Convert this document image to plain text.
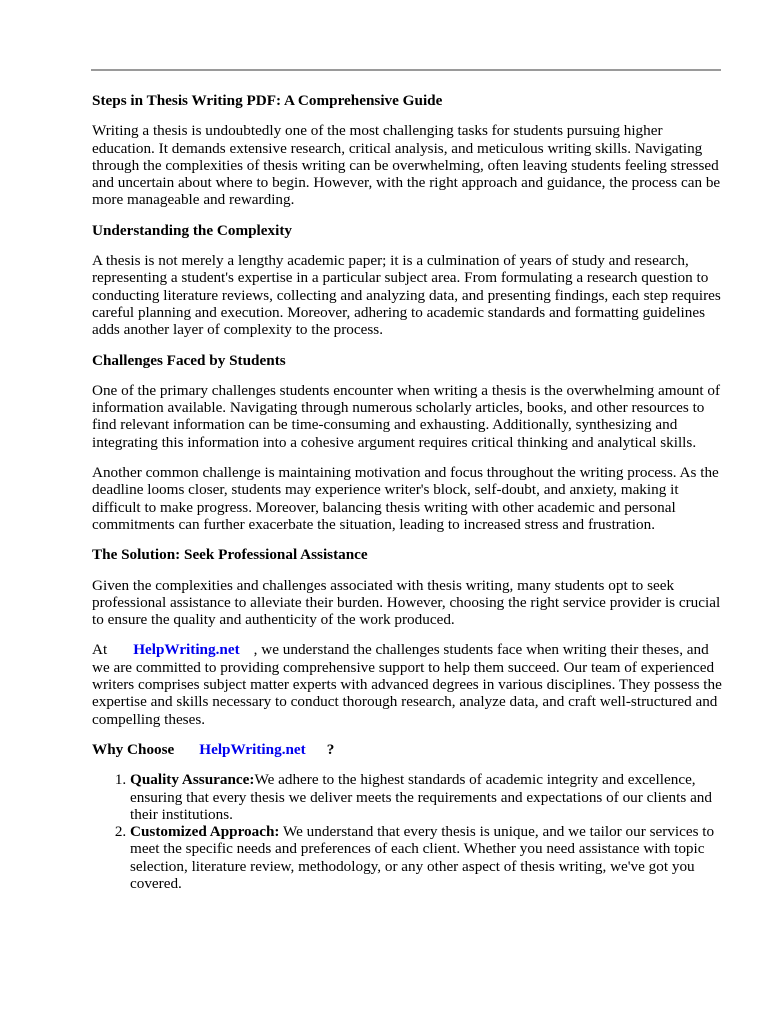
Steps in Thesis Writing PDF: A Comprehensive Guide

Writing a thesis is undoubtedly one of the most challenging tasks for students pursuing higher education. It demands extensive research, critical analysis, and meticulous writing skills. Navigating through the complexities of thesis writing can be overwhelming, often leaving students feeling stressed and uncertain about where to begin. However, with the right approach and guidance, the process can be more manageable and rewarding.

Understanding the Complexity

A thesis is not merely a lengthy academic paper; it is a culmination of years of study and research, representing a student's expertise in a particular subject area. From formulating a research question to conducting literature reviews, collecting and analyzing data, and presenting findings, each step requires careful planning and execution. Moreover, adhering to academic standards and formatting guidelines adds another layer of complexity to the process.

Challenges Faced by Students

One of the primary challenges students encounter when writing a thesis is the overwhelming amount of information available. Navigating through numerous scholarly articles, books, and other resources to find relevant information can be time-consuming and exhausting. Additionally, synthesizing and integrating this information into a cohesive argument requires critical thinking and analytical skills.

Another common challenge is maintaining motivation and focus throughout the writing process. As the deadline looms closer, students may experience writer's block, self-doubt, and anxiety, making it difficult to make progress. Moreover, balancing thesis writing with other academic and personal commitments can further exacerbate the situation, leading to increased stress and frustration.

The Solution: Seek Professional Assistance

Given the complexities and challenges associated with thesis writing, many students opt to seek professional assistance to alleviate their burden. However, choosing the right service provider is crucial to ensure the quality and authenticity of the work produced.

At HelpWriting.net , we understand the challenges students face when writing their theses, and we are committed to providing comprehensive support to help them succeed. Our team of experienced writers comprises subject matter experts with advanced degrees in various disciplines. They possess the expertise and skills necessary to conduct thorough research, analyze data, and craft well-structured and compelling theses.

Why Choose HelpWriting.net ?
1. Quality Assurance:We adhere to the highest standards of academic integrity and excellence, ensuring that every thesis we deliver meets the requirements and expectations of our clients and their institutions.
2. Customized Approach: We understand that every thesis is unique, and we tailor our services to meet the specific needs and preferences of each client. Whether you need assistance with topic selection, literature review, methodology, or any other aspect of thesis writing, we've got you covered.
